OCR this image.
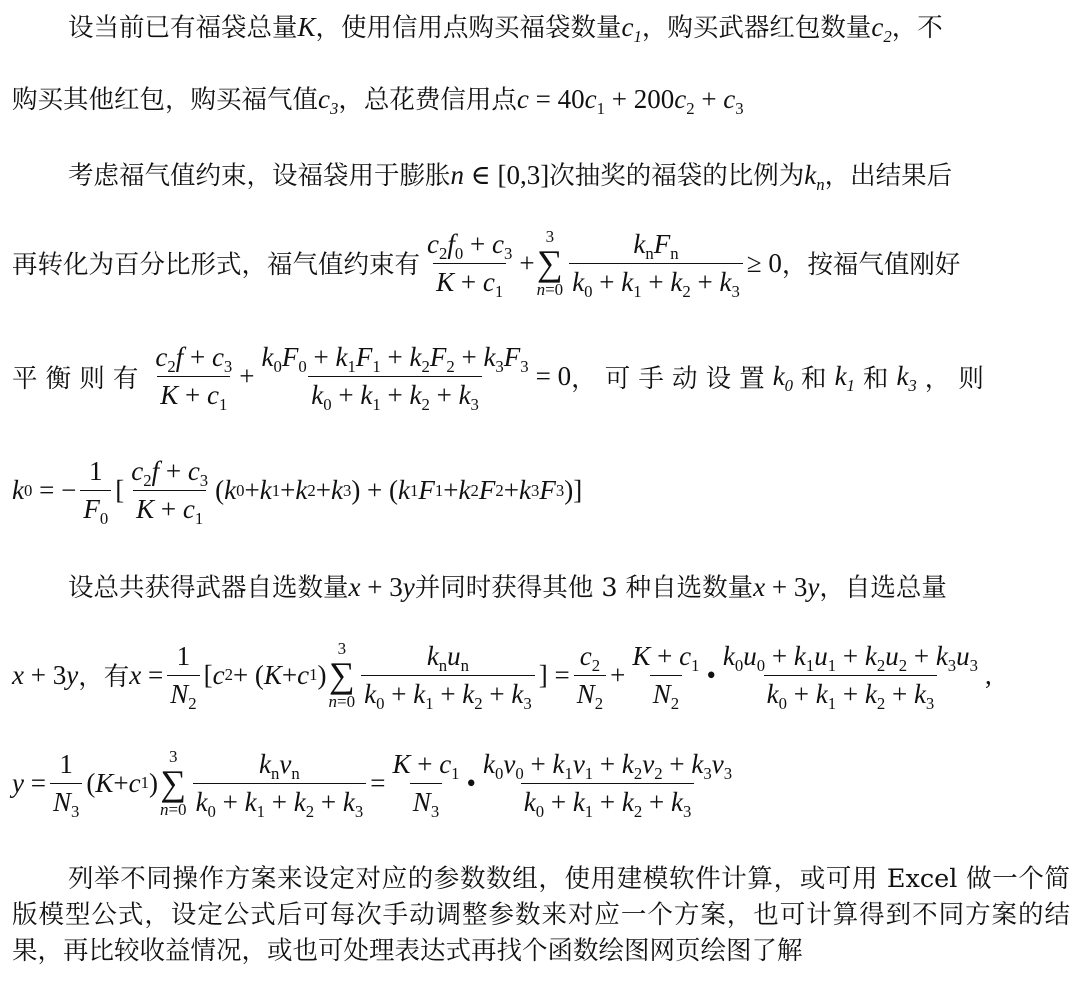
设当前已有福袋总量K，使用信用点购买福袋数量$c_1$，购买武器红包数量$c_2$，不
购买其他红包，购买福气值$c_3$，总花费信用点$c = 40c_1 + 200c_2 + c_3$
考虑福气值约束，设福袋用于膨胀n ∈ [0,3]次抽奖的福袋的比例为$k_n$，出结果后
再转化为百分比形式，福气值约束有 $\frac{c_2f_0 + c_3}{K + c_1}$ +
3
∑
$n=0 \frac{k_nF_n}{k_0 + k_1 + k_2 + k_3} \ge 0$ ，按福气值刚好
平 衡 则 有 $\frac{c_2f + c_3}{K + c_1} + \frac{k_0F_0 + k_1F_1 + k_2F_2 + k_3F_3}{k_0 + k_1 + k_2 + k_3} = 0$ ， 可 手 动 设 置 $k_0$ 和 $k_1$ 和 $k_3$ ， 则
k 0 = − $\frac{1}{F_0}$ [ $\frac{c_2f + c_3}{K + c_1}$ ( k 0 + k 1 + k 2 + k 3 ) + ( k 1 F 1 + k 2 F 2 + k 3 F 3 )]
设总共获得武器自选数量x + 3y并同时获得其他 3 种自选数量x + 3y，自选总量
x + 3y ，有 $x = \frac{1}{N_2}$ [ c 2 + ( K + c 1 )
3
∑
$n=0 \frac{k_nu_n}{k_0 + k_1 + k_2 + k_3}$ ] = $\frac{c_2}{N_2} + \frac{K + c_1}{N_2}$ • $\frac{k_0u_0 + k_1u_1 + k_2u_2 + k_3u_3}{k_0 + k_1 + k_2 + k_3}$ ,
$y = \frac{1}{N_3}$ ( K + c 1 )
3
∑
$n=0 \frac{k_nv_n}{k_0 + k_1 + k_2 + k_3} = \frac{K + c_1}{N_3}$ • $\frac{k_0v_0 + k_1v_1 + k_2v_2 + k_3v_3}{k_0 + k_1 + k_2 + k_3}$
列举不同操作方案来设定对应的参数数组，使用建模软件计算，或可用 Excel 做一个简版模型公式，设定公式后可每次手动调整参数来对应一个方案，也可计算得到不同方案的结果，再比较收益情况，或也可处理表达式再找个函数绘图网页绘图了解
